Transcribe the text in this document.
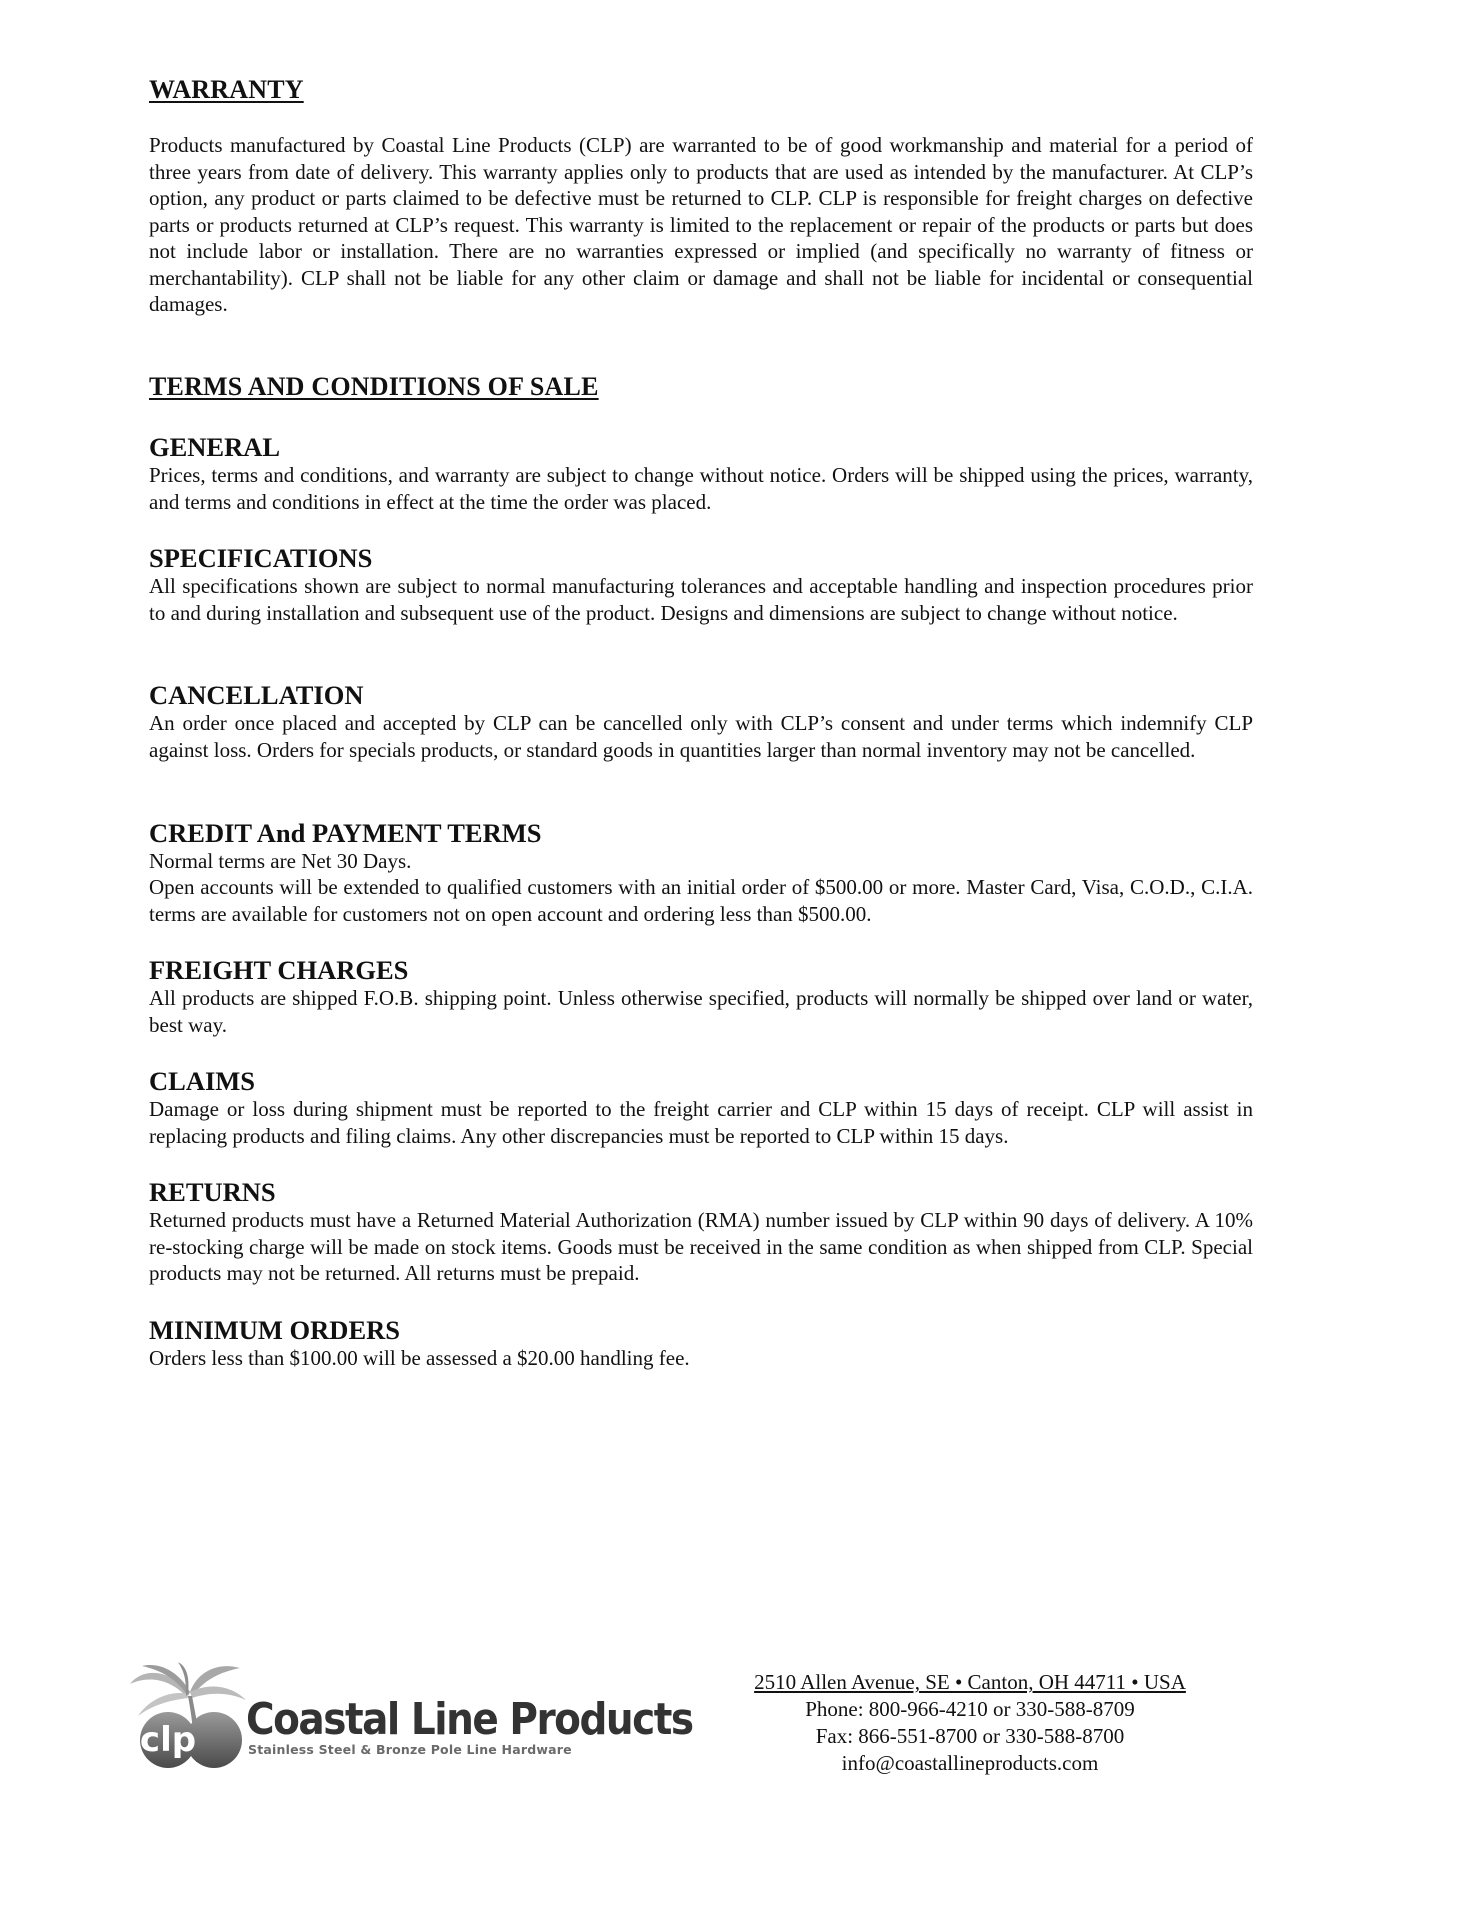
WARRANTY

Products manufactured by Coastal Line Products (CLP) are warranted to be of good workmanship and material for a period of three years from date of delivery. This warranty applies only to products that are used as intended by the manufacturer. At CLP’s option, any product or parts claimed to be defective must be returned to CLP. CLP is responsible for freight charges on defective parts or products returned at CLP’s request. This warranty is limited to the replacement or repair of the products or parts but does not include labor or installation. There are no warranties expressed or implied (and specifically no warranty of fitness or merchantability). CLP shall not be liable for any other claim or damage and shall not be liable for incidental or consequential damages.

TERMS AND CONDITIONS OF SALE
GENERAL

Prices, terms and conditions, and warranty are subject to change without notice. Orders will be shipped using the prices, warranty, and terms and conditions in effect at the time the order was placed.

SPECIFICATIONS

All specifications shown are subject to normal manufacturing tolerances and acceptable handling and inspection procedures prior to and during installation and subsequent use of the product. Designs and dimensions are subject to change without notice.

CANCELLATION

An order once placed and accepted by CLP can be cancelled only with CLP’s consent and under terms which indemnify CLP against loss. Orders for specials products, or standard goods in quantities larger than normal inventory may not be cancelled.

CREDIT And PAYMENT TERMS

Normal terms are Net 30 Days.

Open accounts will be extended to qualified customers with an initial order of $500.00 or more. Master Card, Visa, C.O.D., C.I.A. terms are available for customers not on open account and ordering less than $500.00.

FREIGHT CHARGES

All products are shipped F.O.B. shipping point. Unless otherwise specified, products will normally be shipped over land or water, best way.

CLAIMS

Damage or loss during shipment must be reported to the freight carrier and CLP within 15 days of receipt. CLP will assist in replacing products and filing claims. Any other discrepancies must be reported to CLP within 15 days.

RETURNS

Returned products must have a Returned Material Authorization (RMA) number issued by CLP within 90 days of delivery. A 10% re-stocking charge will be made on stock items. Goods must be received in the same condition as when shipped from CLP. Special products may not be returned. All returns must be prepaid.

MINIMUM ORDERS

Orders less than $100.00 will be assessed a $20.00 handling fee.

clp Coastal Line Products
Stainless Steel & Bronze Pole Line Hardware
2510 Allen Avenue, SE • Canton, OH 44711 • USA
Phone: 800-966-4210 or 330-588-8709
Fax: 866-551-8700 or 330-588-8700
info@coastallineproducts.com
